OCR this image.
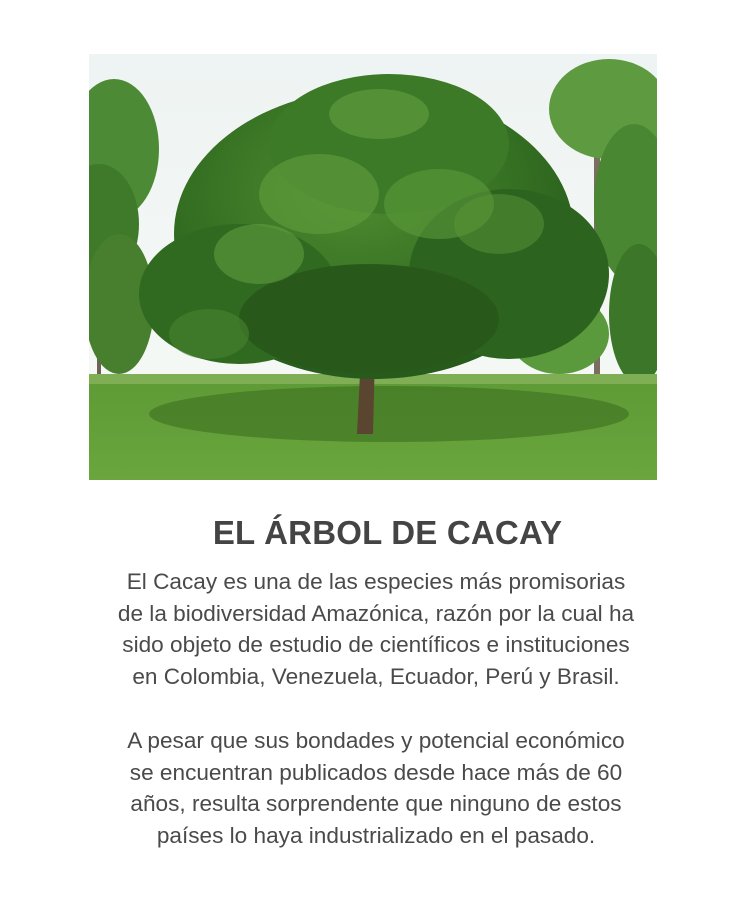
EL ÁRBOL DE CACAY

El Cacay es una de las especies más promisorias
de la biodiversidad Amazónica, razón por la cual ha
sido objeto de estudio de científicos e instituciones
en Colombia, Venezuela, Ecuador, Perú y Brasil.

A pesar que sus bondades y potencial económico
se encuentran publicados desde hace más de 60
años, resulta sorprendente que ninguno de estos
países lo haya industrializado en el pasado.
